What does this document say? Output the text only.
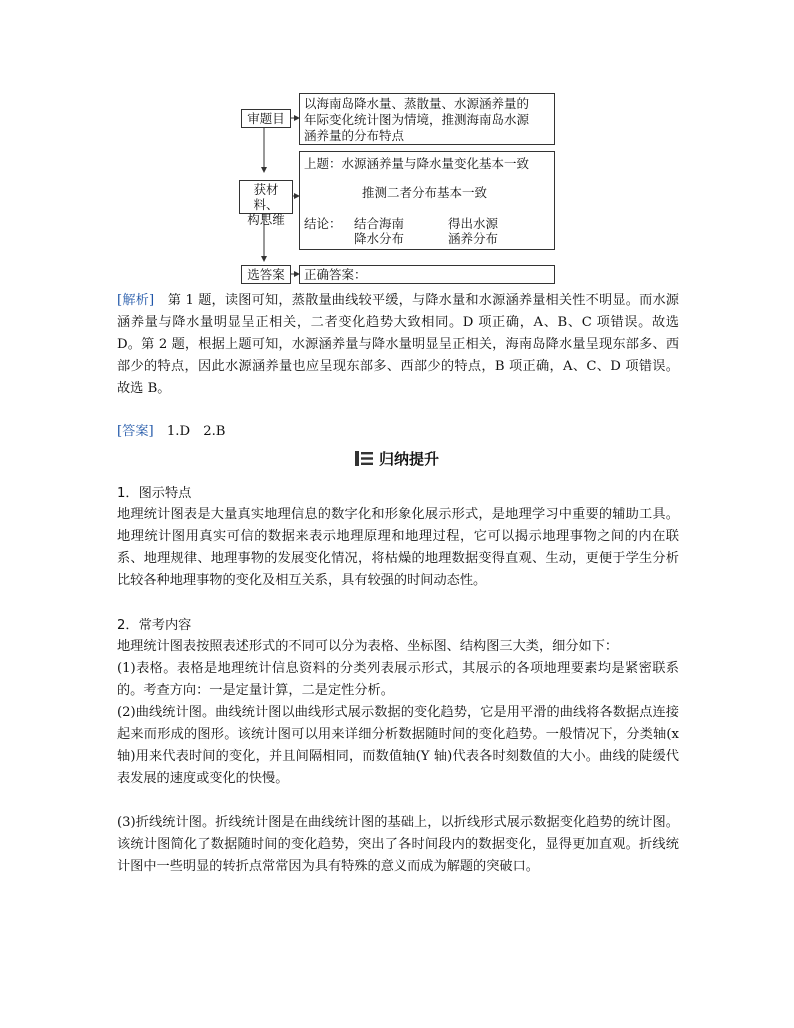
审题目
获材料、
构思维
选答案
以海南岛降水量、蒸散量、水源涵养量的
年际变化统计图为情境，推测海南岛水源
涵养量的分布特点
上题：水源涵养量与降水量变化基本一致
推测二者分布基本一致
结论： 结合海南
降水分布
得出水源
涵养分布
正确答案：
[解析]　第 1 题，读图可知，蒸散量曲线较平缓，与降水量和水源涵养量相关性不明显。而水源涵养量与降水量明显呈正相关，二者变化趋势大致相同。D 项正确，A、B、C 项错误。故选 D。第 2 题，根据上题可知，水源涵养量与降水量明显呈正相关，海南岛降水量呈现东部多、西部少的特点，因此水源涵养量也应呈现东部多、西部少的特点，B 项正确，A、C、D 项错误。故选 B。
[答案]　1.D　2.B
归纳提升
1．图示特点
地理统计图表是大量真实地理信息的数字化和形象化展示形式，是地理学习中重要的辅助工具。地理统计图用真实可信的数据来表示地理原理和地理过程，它可以揭示地理事物之间的内在联系、地理规律、地理事物的发展变化情况，将枯燥的地理数据变得直观、生动，更便于学生分析比较各种地理事物的变化及相互关系，具有较强的时间动态性。
2．常考内容
地理统计图表按照表述形式的不同可以分为表格、坐标图、结构图三大类，细分如下：
(1)表格。表格是地理统计信息资料的分类列表展示形式，其展示的各项地理要素均是紧密联系的。考查方向：一是定量计算，二是定性分析。
(2)曲线统计图。曲线统计图以曲线形式展示数据的变化趋势，它是用平滑的曲线将各数据点连接起来而形成的图形。该统计图可以用来详细分析数据随时间的变化趋势。一般情况下，分类轴(x 轴)用来代表时间的变化，并且间隔相同，而数值轴(Y 轴)代表各时刻数值的大小。曲线的陡缓代表发展的速度或变化的快慢。
(3)折线统计图。折线统计图是在曲线统计图的基础上，以折线形式展示数据变化趋势的统计图。该统计图简化了数据随时间的变化趋势，突出了各时间段内的数据变化，显得更加直观。折线统计图中一些明显的转折点常常因为具有特殊的意义而成为解题的突破口。
